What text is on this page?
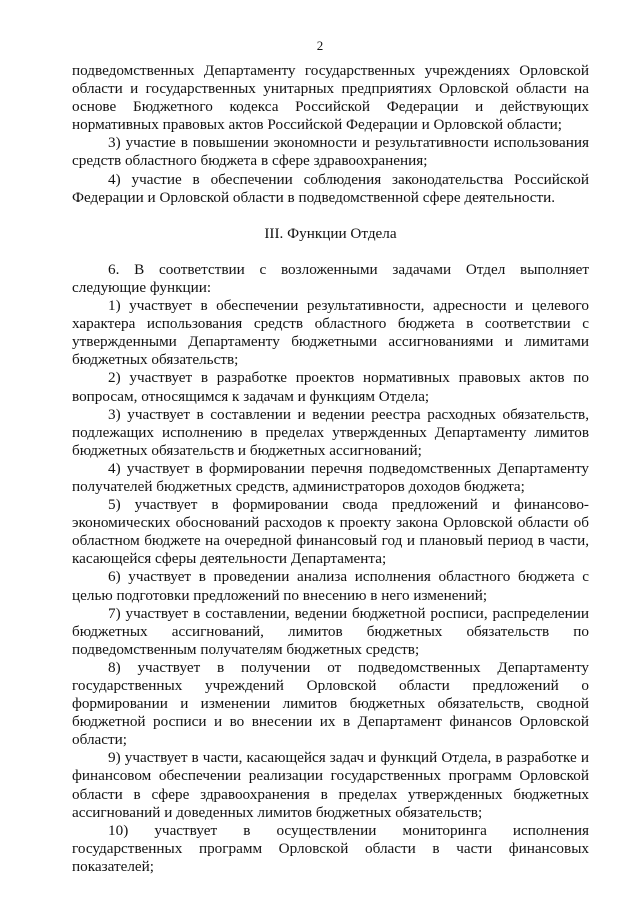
2

подведомственных Департаменту государственных учреждениях Орловской области и государственных унитарных предприятиях Орловской области на основе Бюджетного кодекса Российской Федерации и действующих нормативных правовых актов Российской Федерации и Орловской области;

3) участие в повышении экономности и результативности использования средств областного бюджета в сфере здравоохранения;

4) участие в обеспечении соблюдения законодательства Российской Федерации и Орловской области в подведомственной сфере деятельности.

III. Функции Отдела

6. В соответствии с возложенными задачами Отдел выполняет следующие функции:

1) участвует в обеспечении результативности, адресности и целевого характера использования средств областного бюджета в соответствии с утвержденными Департаменту бюджетными ассигнованиями и лимитами бюджетных обязательств;

2) участвует в разработке проектов нормативных правовых актов по вопросам, относящимся к задачам и функциям Отдела;

3) участвует в составлении и ведении реестра расходных обязательств, подлежащих исполнению в пределах утвержденных Департаменту лимитов бюджетных обязательств и бюджетных ассигнований;

4) участвует в формировании перечня подведомственных Департаменту получателей бюджетных средств, администраторов доходов бюджета;

5) участвует в формировании свода предложений и финансово-экономических обоснований расходов к проекту закона Орловской области об областном бюджете на очередной финансовый год и плановый период в части, касающейся сферы деятельности Департамента;

6) участвует в проведении анализа исполнения областного бюджета с целью подготовки предложений по внесению в него изменений;

7) участвует в составлении, ведении бюджетной росписи, распределении бюджетных ассигнований, лимитов бюджетных обязательств по подведомственным получателям бюджетных средств;

8) участвует в получении от подведомственных Департаменту государственных учреждений Орловской области предложений о формировании и изменении лимитов бюджетных обязательств, сводной бюджетной росписи и во внесении их в Департамент финансов Орловской области;

9) участвует в части, касающейся задач и функций Отдела, в разработке и финансовом обеспечении реализации государственных программ Орловской области в сфере здравоохранения в пределах утвержденных бюджетных ассигнований и доведенных лимитов бюджетных обязательств;

10) участвует в осуществлении мониторинга исполнения государственных программ Орловской области в части финансовых показателей;
